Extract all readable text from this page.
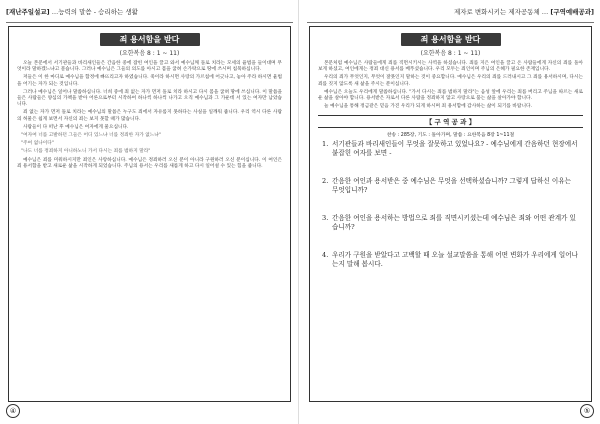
[재난주일설교] …능력의 말씀 - 승리하는 생활
죄 용서함을 받다
(요한복음 8 : 1 ~ 11)

오늘 본문에서 서기관들과 바리새인들은 간음한 중에 잡힌 여인을 끌고 와서 예수님께 돌로 치라는 모세의 율법을 들이대며 무엇이라 말하겠느냐고 묻습니다. 그러나 예수님은 그들의 의도를 아시고 몸을 굽혀 손가락으로 땅에 쓰시며 침묵하십니다.

저들은 이 한 마디로 예수님을 함정에 빠뜨리고자 하였습니다. 죽이라 하시면 사랑의 가르침에 어긋나고, 놓아 주라 하시면 율법을 어기는 자가 되는 것입니다.

그러나 예수님은 일어나 말씀하십니다. 너희 중에 죄 없는 자가 먼저 돌로 치라 하시고 다시 몸을 굽혀 땅에 쓰십니다. 이 말씀을 들은 사람들은 양심의 가책을 받아 어른으로부터 시작하여 하나씩 하나씩 나가고 오직 예수님과 그 가운데 서 있는 여자만 남았습니다.

죄 없는 자가 먼저 돌로 치라는 예수님의 말씀은 누구도 죄에서 자유롭지 못하다는 사실을 일깨워 줍니다. 우리 역시 다른 사람의 허물은 쉽게 보면서 자신의 죄는 보지 못할 때가 많습니다.

사람들이 다 떠난 후 예수님은 여자에게 물으십니다.

"여자여 너를 고발하던 그들은 어디 있느냐 너를 정죄한 자가 없느냐"

"주여 없나이다"

"나도 너를 정죄하지 아니하노니 가서 다시는 죄를 범하지 말라"

예수님은 죄를 미워하시지만 죄인은 사랑하십니다. 예수님은 정죄하러 오신 분이 아니라 구원하러 오신 분이십니다. 이 여인은 죄 용서함을 받고 새로운 삶을 시작하게 되었습니다. 주님의 용서는 우리를 새롭게 하고 다시 일어설 수 있는 힘을 줍니다.

④
제자로 변화시키는 제자공동체 … [구역예배공과]
죄 용서함을 받다
(요한복음 8 : 1 ~ 11)

본문처럼 예수님은 사람들에게 죄를 직면시키시는 사역을 하셨습니다. 죄를 지은 여인을 끌고 온 사람들에게 자신의 죄를 돌아보게 하셨고, 여인에게는 정죄 대신 용서를 베푸셨습니다. 우리 모두는 죄인이며 주님의 은혜가 필요한 존재입니다.

우리의 죄가 무엇인지, 무엇이 잘못인지 말하는 것이 중요합니다. 예수님은 우리의 죄를 드러내시고 그 죄를 용서하시며, 다시는 죄를 짓지 않도록 새 삶을 주시는 분이십니다.

예수님은 오늘도 우리에게 말씀하십니다. "가서 다시는 죄를 범하지 말라"는 음성 앞에 우리는 죄를 버리고 주님을 따르는 새로운 삶을 살아야 합니다. 용서받은 자로서 다른 사람을 정죄하지 않고 사랑으로 품는 삶을 살아가야 합니다.

늘 예수님을 통해 정금같은 믿음 가진 우리가 되게 하시며 죄 용서함에 감사하는 삶이 되기를 바랍니다.

【 구 역 공 과 】
찬송 : 285장, 기도 : 돌아가며, 말씀 : 요한복음 8장 1~11절
1. 서기관들과 바리새인들이 무엇을 잘못하고 있었나요? - 예수님에게 간음하던 현장에서 붙잡힌 여자를 보면 -
2. 간음한 여인과 용서받은 중 예수님은 무엇을 선택하셨습니까? 그렇게 답하신 이유는 무엇입니까?
3. 간음한 여인을 용서하는 방법으로 죄를 직면시키셨는데 예수님은 죄와 어떤 관계가 있습니까?
4. 우리가 구원을 받았다고 고백할 때 오늘 설교말씀을 통해 어떤 변화가 우리에게 일어나는지 말해 봅시다.
⑤
